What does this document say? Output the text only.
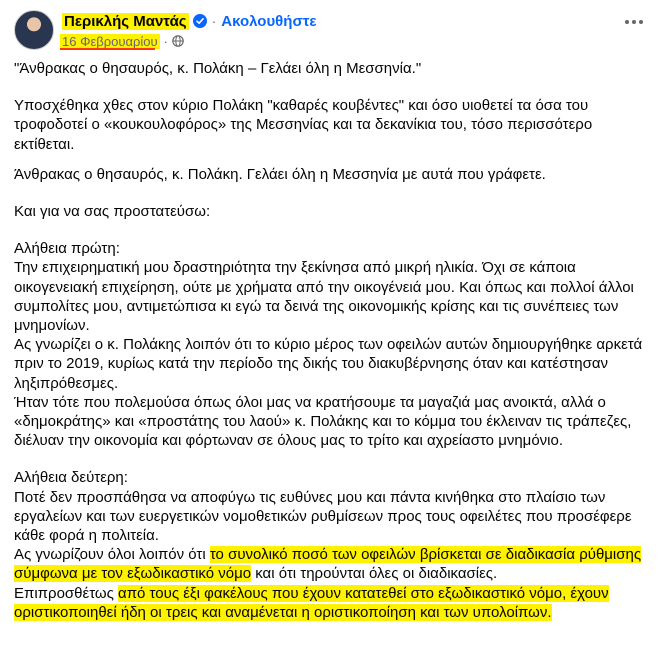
Περικλής Μαντάς · Ακολουθήστε
16 Φεβρουαρίου ·

"Άνθρακας ο θησαυρός, κ. Πολάκη – Γελάει όλη η Μεσσηνία."

Υποσχέθηκα χθες στον κύριο Πολάκη "καθαρές κουβέντες" και όσο υιοθετεί τα όσα του τροφοδοτεί ο «κουκουλοφόρος» της Μεσσηνίας και τα δεκανίκια του, τόσο περισσότερο εκτίθεται.

Άνθρακας ο θησαυρός, κ. Πολάκη. Γελάει όλη η Μεσσηνία με αυτά που γράφετε.

Και για να σας προστατεύσω:

Αλήθεια πρώτη:

Την επιχειρηματική μου δραστηριότητα την ξεκίνησα από μικρή ηλικία. Όχι σε κάποια οικογενειακή επιχείρηση, ούτε με χρήματα από την οικογένειά μου. Και όπως και πολλοί άλλοι συμπολίτες μου, αντιμετώπισα κι εγώ τα δεινά της οικονομικής κρίσης και τις συνέπειες των μνημονίων.

Ας γνωρίζει ο κ. Πολάκης λοιπόν ότι το κύριο μέρος των οφειλών αυτών δημιουργήθηκε αρκετά πριν το 2019, κυρίως κατά την περίοδο της δικής του διακυβέρνησης όταν και κατέστησαν ληξιπρόθεσμες.

Ήταν τότε που πολεμούσα όπως όλοι μας να κρατήσουμε τα μαγαζιά μας ανοικτά, αλλά ο «δημοκράτης» και «προστάτης του λαού» κ. Πολάκης και το κόμμα του έκλειναν τις τράπεζες, διέλυαν την οικονομία και φόρτωναν σε όλους μας το τρίτο και αχρείαστο μνημόνιο.

Αλήθεια δεύτερη:

Ποτέ δεν προσπάθησα να αποφύγω τις ευθύνες μου και πάντα κινήθηκα στο πλαίσιο των εργαλείων και των ευεργετικών νομοθετικών ρυθμίσεων προς τους οφειλέτες που προσέφερε κάθε φορά η πολιτεία.

Ας γνωρίζουν όλοι λοιπόν ότι το συνολικό ποσό των οφειλών βρίσκεται σε διαδικασία ρύθμισης σύμφωνα με τον εξωδικαστικό νόμο και ότι τηρούνται όλες οι διαδικασίες.

Επιπροσθέτως από τους έξι φακέλους που έχουν κατατεθεί στο εξωδικαστικό νόμο, έχουν οριστικοποιηθεί ήδη οι τρεις και αναμένεται η οριστικοποίηση και των υπολοίπων.
